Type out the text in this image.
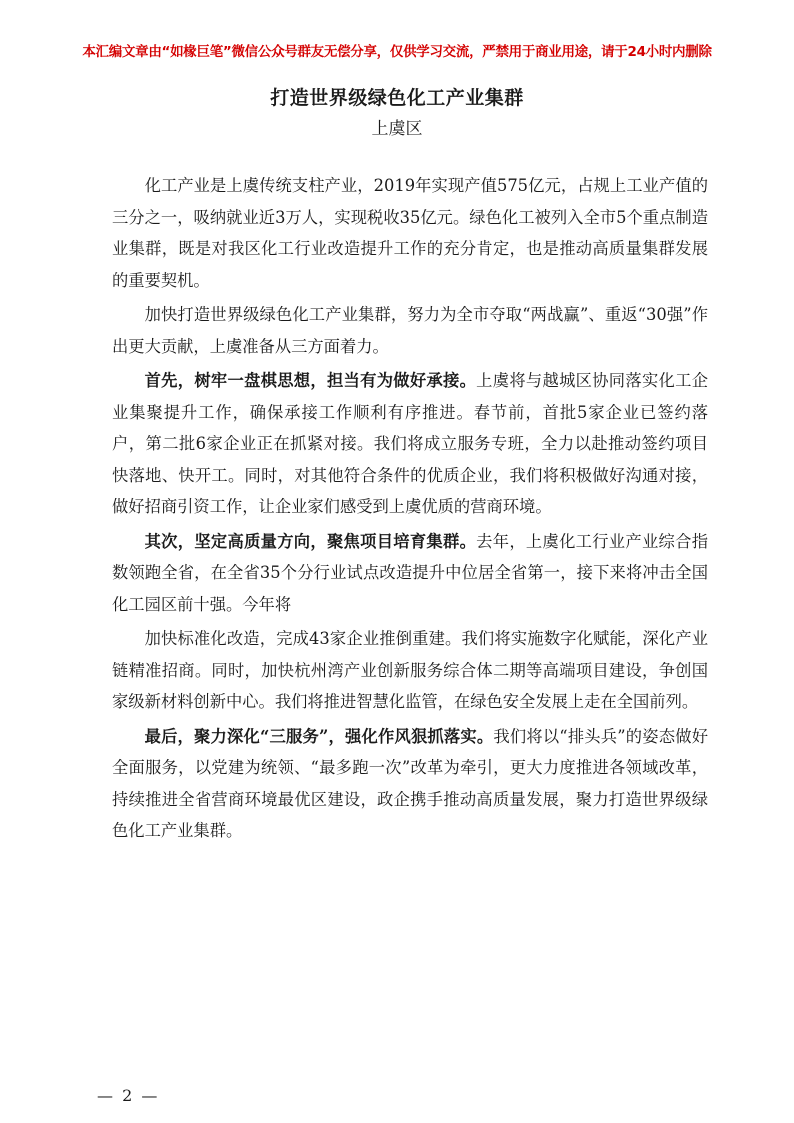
本汇编文章由“如椽巨笔”微信公众号群友无偿分享，仅供学习交流，严禁用于商业用途，请于24小时内删除
打造世界级绿色化工产业集群
上虞区

化工产业是上虞传统支柱产业，2019年实现产值575亿元，占规上工业产值的三分之一，吸纳就业近3万人，实现税收35亿元。绿色化工被列入全市5个重点制造业集群，既是对我区化工行业改造提升工作的充分肯定，也是推动高质量集群发展的重要契机。

加快打造世界级绿色化工产业集群，努力为全市夺取“两战赢”、重返“30强”作出更大贡献，上虞准备从三方面着力。

首先，树牢一盘棋思想，担当有为做好承接。上虞将与越城区协同落实化工企业集聚提升工作，确保承接工作顺利有序推进。春节前，首批5家企业已签约落户，第二批6家企业正在抓紧对接。我们将成立服务专班，全力以赴推动签约项目快落地、快开工。同时，对其他符合条件的优质企业，我们将积极做好沟通对接，做好招商引资工作，让企业家们感受到上虞优质的营商环境。

其次，坚定高质量方向，聚焦项目培育集群。去年，上虞化工行业产业综合指数领跑全省，在全省35个分行业试点改造提升中位居全省第一，接下来将冲击全国化工园区前十强。今年将

加快标准化改造，完成43家企业推倒重建。我们将实施数字化赋能，深化产业链精准招商。同时，加快杭州湾产业创新服务综合体二期等高端项目建设，争创国家级新材料创新中心。我们将推进智慧化监管，在绿色安全发展上走在全国前列。

最后，聚力深化“三服务”，强化作风狠抓落实。我们将以“排头兵”的姿态做好全面服务，以党建为统领、“最多跑一次”改革为牵引，更大力度推进各领域改革，持续推进全省营商环境最优区建设，政企携手推动高质量发展，聚力打造世界级绿色化工产业集群。

— 2 —
